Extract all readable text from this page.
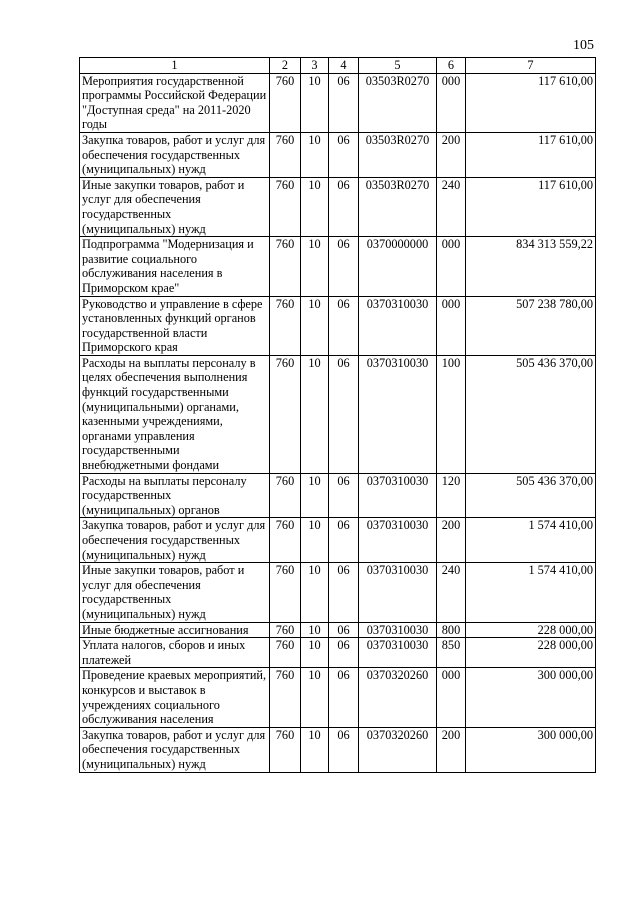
105
1	2	3	4	5	6	7
Мероприятия государственной программы Российской Федерации "Доступная среда" на 2011-2020 годы	760	10	06	03503R0270	000	117 610,00
Закупка товаров, работ и услуг для обеспечения государственных (муниципальных) нужд	760	10	06	03503R0270	200	117 610,00
Иные закупки товаров, работ и услуг для обеспечения государственных (муниципальных) нужд	760	10	06	03503R0270	240	117 610,00
Подпрограмма "Модернизация и развитие социального обслуживания населения в Приморском крае"	760	10	06	0370000000	000	834 313 559,22
Руководство и управление в сфере установленных функций органов государственной власти Приморского края	760	10	06	0370310030	000	507 238 780,00
Расходы на выплаты персоналу в целях обеспечения выполнения функций государственными (муниципальными) органами, казенными учреждениями, органами управления государственными внебюджетными фондами	760	10	06	0370310030	100	505 436 370,00
Расходы на выплаты персоналу государственных (муниципальных) органов	760	10	06	0370310030	120	505 436 370,00
Закупка товаров, работ и услуг для обеспечения государственных (муниципальных) нужд	760	10	06	0370310030	200	1 574 410,00
Иные закупки товаров, работ и услуг для обеспечения государственных (муниципальных) нужд	760	10	06	0370310030	240	1 574 410,00
Иные бюджетные ассигнования	760	10	06	0370310030	800	228 000,00
Уплата налогов, сборов и иных платежей	760	10	06	0370310030	850	228 000,00
Проведение краевых мероприятий, конкурсов и выставок в учреждениях социального обслуживания населения	760	10	06	0370320260	000	300 000,00
Закупка товаров, работ и услуг для обеспечения государственных (муниципальных) нужд	760	10	06	0370320260	200	300 000,00
